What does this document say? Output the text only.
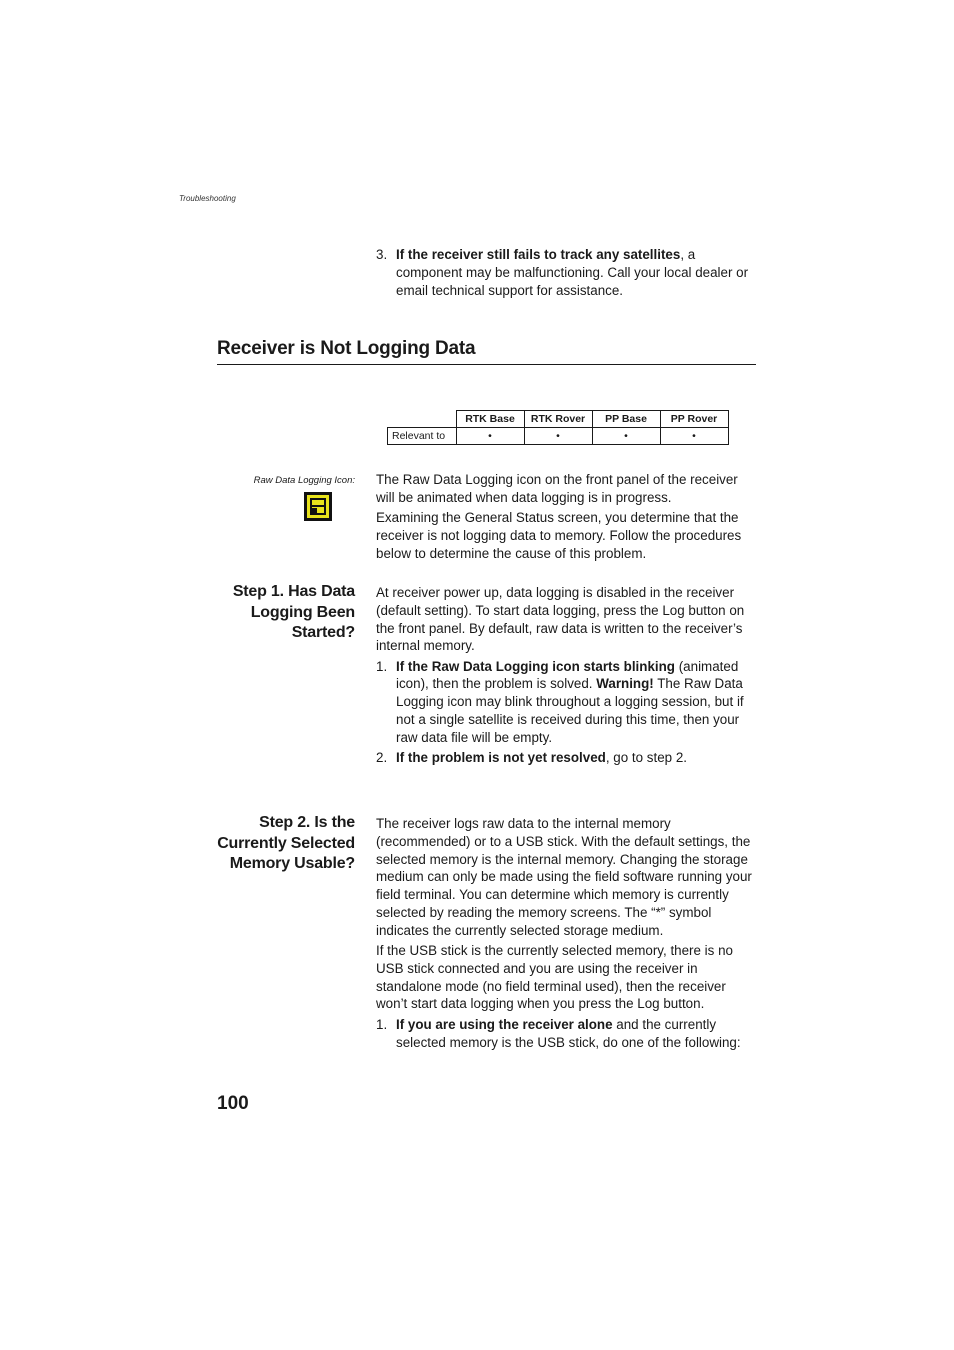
Troubleshooting
3. If the receiver still fails to track any satellites, a component may be malfunctioning. Call your local dealer or email technical support for assistance.
Receiver is Not Logging Data
	RTK Base	RTK Rover	PP Base	PP Rover
Relevant to	•	•	•	•
Raw Data Logging Icon: The Raw Data Logging icon on the front panel of the receiver will be animated when data logging is in progress.

Examining the General Status screen, you determine that the receiver is not logging data to memory. Follow the procedures below to determine the cause of this problem.

Step 1. Has Data
Logging Been
Started?

At receiver power up, data logging is disabled in the receiver (default setting). To start data logging, press the Log button on the front panel. By default, raw data is written to the receiver’s internal memory.

1. If the Raw Data Logging icon starts blinking (animated icon), then the problem is solved. Warning! The Raw Data Logging icon may blink throughout a logging session, but if not a single satellite is received during this time, then your raw data file will be empty.
2. If the problem is not yet resolved, go to step 2.
Step 2. Is the
Currently Selected
Memory Usable?

The receiver logs raw data to the internal memory (recommended) or to a USB stick. With the default settings, the selected memory is the internal memory. Changing the storage medium can only be made using the field software running your field terminal. You can determine which memory is currently selected by reading the memory screens. The “*” symbol indicates the currently selected storage medium.

If the USB stick is the currently selected memory, there is no USB stick connected and you are using the receiver in standalone mode (no field terminal used), then the receiver won’t start data logging when you press the Log button.

1. If you are using the receiver alone and the currently selected memory is the USB stick, do one of the following:
100
